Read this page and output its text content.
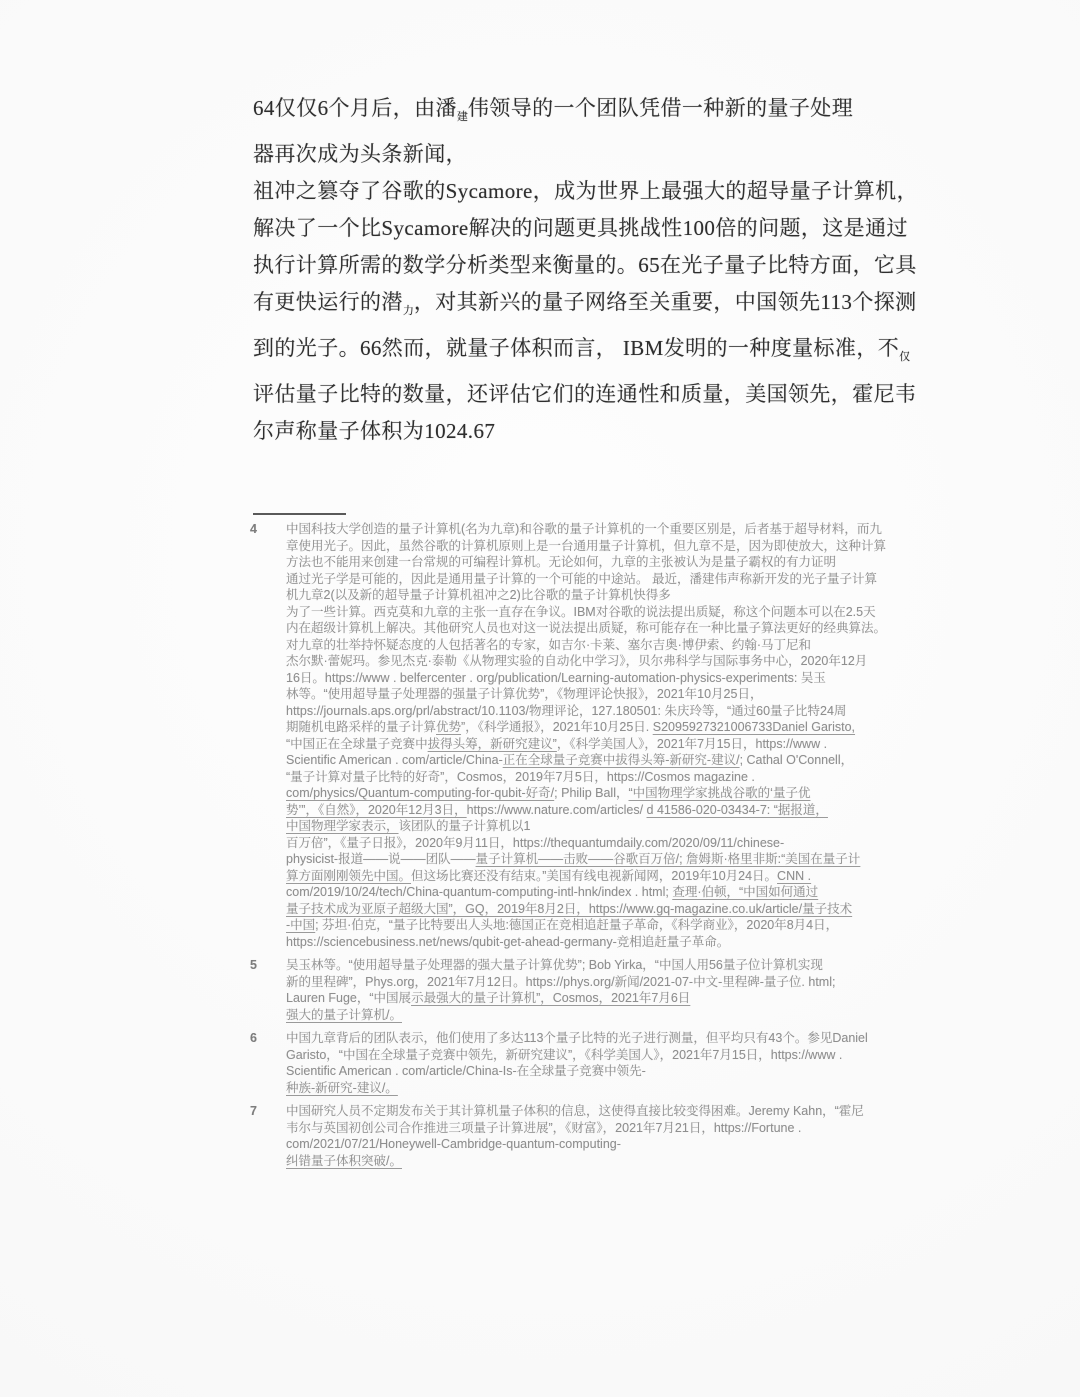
64仅仅6个月后，由潘$_建$伟领导的一个团队凭借一种新的量子处理
器再次成为头条新闻，
祖冲之篡夺了谷歌的Sycamore，成为世界上最强大的超导量子计算机，
解决了一个比Sycamore解决的问题更具挑战性100倍的问题，这是通过
执行计算所需的数学分析类型来衡量的。65在光子量子比特方面，它具
有更快运行的潜$_力$，对其新兴的量子网络至关重要，中国领先113个探测
到的光子。66然而，就量子体积而言， IBM发明的一种度量标准，不$_仅$
评估量子比特的数量，还评估它们的连通性和质量，美国领先，霍尼韦
尔声称量子体积为1024.67
4	中国科技大学创造的量子计算机(名为九章)和谷歌的量子计算机的一个重要区别是，后者基于超导材料，而九
章使用光子。因此，虽然谷歌的计算机原则上是一台通用量子计算机，但九章不是，因为即使放大，这种计算
方法也不能用来创建一台常规的可编程计算机。无论如何，九章的主张被认为是量子霸权的有力证明
通过光子学是可能的，因此是通用量子计算的一个可能的中途站。 最近，潘建伟声称新开发的光子量子计算
机九章2(以及新的超导量子计算机祖冲之2)比谷歌的量子计算机快得多
为了一些计算。西克莫和九章的主张一直存在争议。IBM对谷歌的说法提出质疑，称这个问题本可以在2.5天
内在超级计算机上解决。其他研究人员也对这一说法提出质疑，称可能存在一种比量子算法更好的经典算法。
对九章的壮举持怀疑态度的人包括著名的专家，如吉尔·卡莱、塞尔吉奥·博伊索、约翰·马丁尼和
杰尔默·蕾妮玛。参见杰克·泰勒《从物理实验的自动化中学习》，贝尔弗科学与国际事务中心，2020年12月
16日。https://www . belfercenter . org/publication/Learning-automation-physics-experiments: 吴玉
林等。“使用超导量子处理器的强量子计算优势”，《物理评论快报》，2021年10月25日，
https://journals.aps.org/prl/abstract/10.1103/物理评论，127.180501: 朱庆玲等，“通过60量子比特24周
期随机电路采样的量子计算优势”，《科学通报》，2021年10月25日. S2095927321006733Daniel Garisto,
“中国正在全球量子竞赛中拔得头筹，新研究建议”，《科学美国人》，2021年7月15日，https://www .
Scientific American . com/article/China-正在全球量子竞赛中拔得头筹-新研究-建议/; Cathal O'Connell，
“量子计算对量子比特的好奇”，Cosmos，2019年7月5日，https://Cosmos magazine .
com/physics/Quantum-computing-for-qubit-好奇/; Philip Ball，“中国物理学家挑战谷歌的‘量子优
势’”，《自然》，2020年12月3日，https://www.nature.com/articles/ d 41586-020-03434-7: “据报道，
中国物理学家表示，该团队的量子计算机以1
百万倍”，《量子日报》，2020年9月11日，https://thequantumdaily.com/2020/09/11/chinese-
physicist-报道——说——团队——量子计算机——击败——谷歌百万倍/; 詹姆斯·格里非斯:“美国在量子计
算方面刚刚领先中国。但这场比赛还没有结束。”美国有线电视新闻网，2019年10月24日。CNN .
com/2019/10/24/tech/China-quantum-computing-intl-hnk/index . html; 查理·伯顿，“中国如何通过
量子技术成为亚原子超级大国”，GQ，2019年8月2日，https://www.gq-magazine.co.uk/article/量子技术
-中国; 芬坦·伯克，“量子比特要出人头地:德国正在竞相追赶量子革命，《科学商业》，2020年8月4日，
https://sciencebusiness.net/news/qubit-get-ahead-germany-竞相追赶量子革命。
5	吴玉林等。“使用超导量子处理器的强大量子计算优势”; Bob Yirka，“中国人用56量子位计算机实现
新的里程碑”，Phys.org，2021年7月12日。https://phys.org/新闻/2021-07-中文-里程碑-量子位. html;
Lauren Fuge，“中国展示最强大的量子计算机”，Cosmos，2021年7月6日
强大的量子计算机/。
6	中国九章背后的团队表示，他们使用了多达113个量子比特的光子进行测量，但平均只有43个。参见Daniel
Garisto，“中国在全球量子竞赛中领先，新研究建议”，《科学美国人》，2021年7月15日，https://www .
Scientific American . com/article/China-Is-在全球量子竞赛中领先-
种族-新研究-建议/。
7	中国研究人员不定期发布关于其计算机量子体积的信息，这使得直接比较变得困难。Jeremy Kahn，“霍尼
韦尔与英国初创公司合作推进三项量子计算进展”，《财富》，2021年7月21日，https://Fortune .
com/2021/07/21/Honeywell-Cambridge-quantum-computing-
纠错量子体积突破/。
